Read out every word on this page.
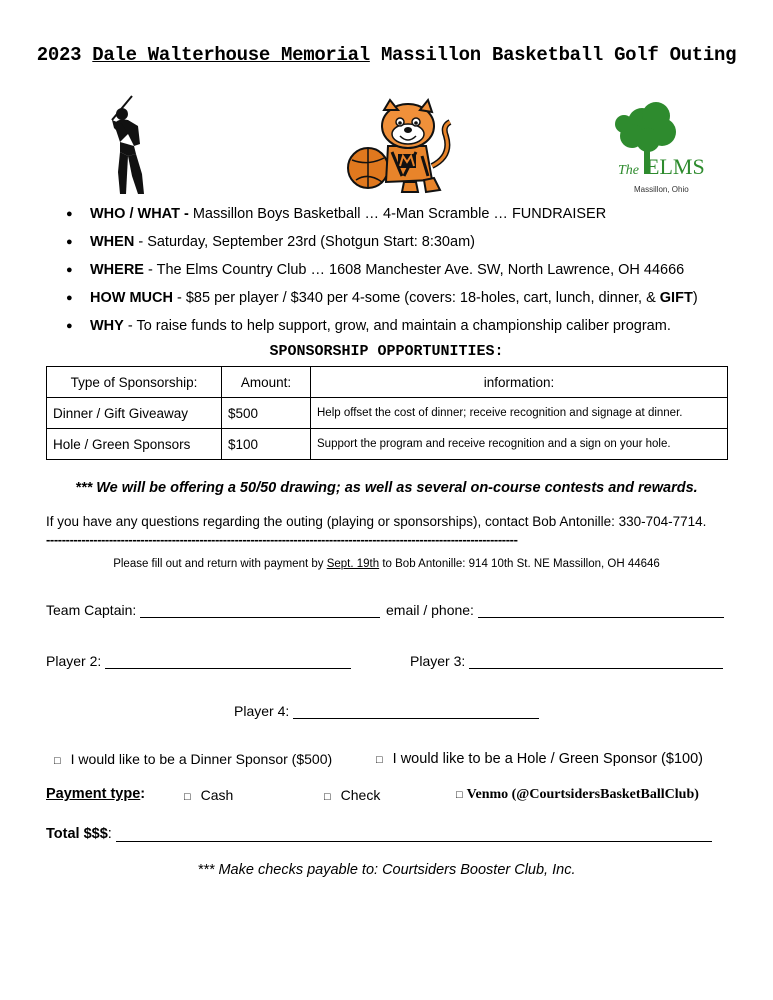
2023 Dale Walterhouse Memorial Massillon Basketball Golf Outing
The ELMS
Massillon, Ohio
● WHO / WHAT - Massillon Boys Basketball … 4-Man Scramble … FUNDRAISER
● WHEN - Saturday, September 23rd (Shotgun Start: 8:30am)
● WHERE - The Elms Country Club … 1608 Manchester Ave. SW, North Lawrence, OH 44666
● HOW MUCH - $85 per player / $340 per 4-some (covers: 18-holes, cart, lunch, dinner, & GIFT)
● WHY - To raise funds to help support, grow, and maintain a championship caliber program.
SPONSORSHIP OPPORTUNITIES:
Type of Sponsorship:	Amount:	information:
Dinner / Gift Giveaway	$500	Help offset the cost of dinner; receive recognition and signage at dinner.
Hole / Green Sponsors	$100	Support the program and receive recognition and a sign on your hole.
*** We will be offering a 50/50 drawing; as well as several on-course contests and rewards.
If you have any questions regarding the outing (playing or sponsorships), contact Bob Antonille: 330-704-7714.
------------------------------------------------------------------------------------------------------------------------
Please fill out and return with payment by Sept. 19th to Bob Antonille: 914 10th St. NE Massillon, OH 44646
Team Captain:	email / phone:
Player 2:	Player 3:
Player 4:
□ I would like to be a Dinner Sponsor ($500)	□ I would like to be a Hole / Green Sponsor ($100)
Payment type:	□ Cash	□ Check	□ Venmo (@CourtsidersBasketBallClub)
Total $$$ :
*** Make checks payable to: Courtsiders Booster Club, Inc.
